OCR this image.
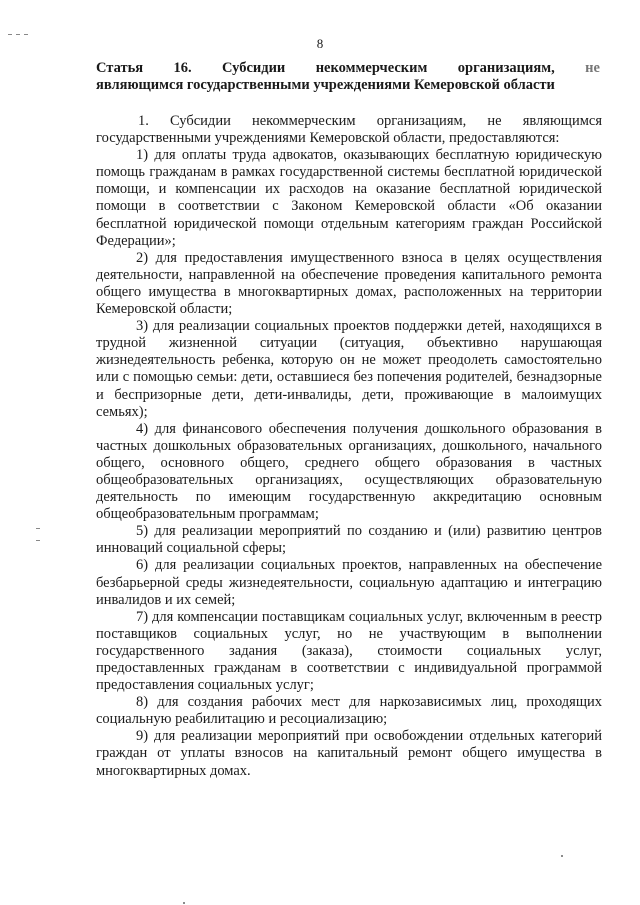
8
Статья 16. Субсидии некоммерческим организациям, не
являющимся государственными учреждениями Кемеровской области

1. Субсидии некоммерческим организациям, не являющимся государственными учреждениями Кемеровской области, предоставляются:

1) для оплаты труда адвокатов, оказывающих бесплатную юридическую помощь гражданам в рамках государственной системы бесплатной юридической помощи, и компенсации их расходов на оказание бесплатной юридической помощи в соответствии с Законом Кемеровской области «Об оказании бесплатной юридической помощи отдельным категориям граждан Российской Федерации»;

2) для предоставления имущественного взноса в целях осуществления деятельности, направленной на обеспечение проведения капитального ремонта общего имущества в многоквартирных домах, расположенных на территории Кемеровской области;

3) для реализации социальных проектов поддержки детей, находящихся в трудной жизненной ситуации (ситуация, объективно нарушающая жизнедеятельность ребенка, которую он не может преодолеть самостоятельно или с помощью семьи: дети, оставшиеся без попечения родителей, безнадзорные и беспризорные дети, дети-инвалиды, дети, проживающие в малоимущих семьях);

4) для финансового обеспечения получения дошкольного образования в частных дошкольных образовательных организациях, дошкольного, начального общего, основного общего, среднего общего образования в частных общеобразовательных организациях, осуществляющих образовательную деятельность по имеющим государственную аккредитацию основным общеобразовательным программам;

5) для реализации мероприятий по созданию и (или) развитию центров инноваций социальной сферы;

6) для реализации социальных проектов, направленных на обеспечение безбарьерной среды жизнедеятельности, социальную адаптацию и интеграцию инвалидов и их семей;

7) для компенсации поставщикам социальных услуг, включенным в реестр поставщиков социальных услуг, но не участвующим в выполнении государственного задания (заказа), стоимости социальных услуг, предоставленных гражданам в соответствии с индивидуальной программой предоставления социальных услуг;

8) для создания рабочих мест для наркозависимых лиц, проходящих социальную реабилитацию и ресоциализацию;

9) для реализации мероприятий при освобождении отдельных категорий граждан от уплаты взносов на капитальный ремонт общего имущества в многоквартирных домах.
